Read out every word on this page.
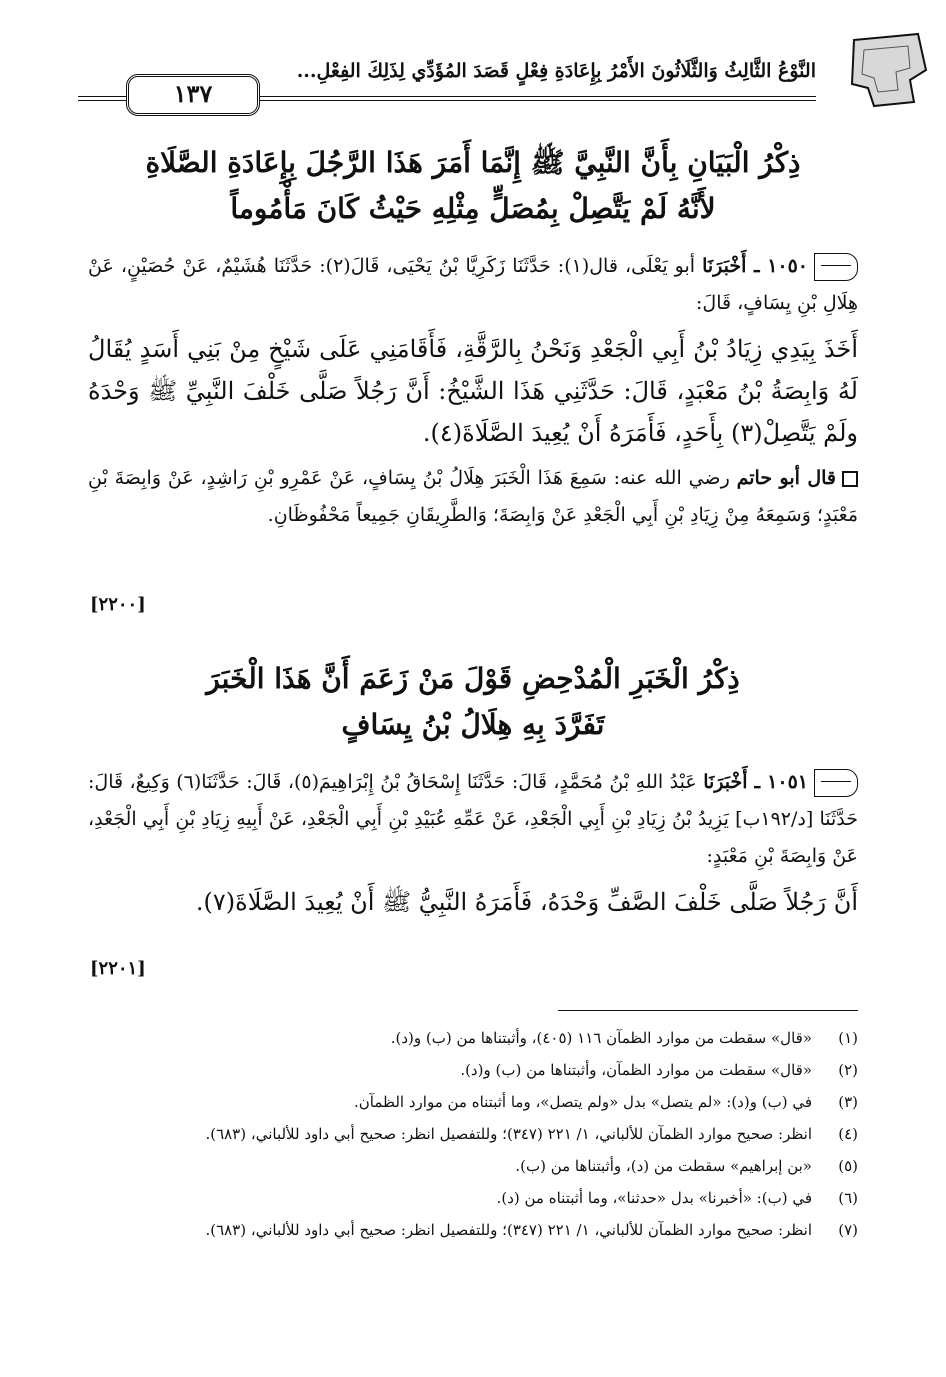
النَّوْعُ الثَّالِثُ وَالثَّلَاثُونَ الأَمْرُ بِإِعَادَةِ فِعْلٍ قَصَدَ المُؤَدِّي لِذَلِكَ الفِعْلِ...
١٣٧
ذِكْرُ الْبَيَانِ بِأَنَّ النَّبِيَّ ﷺ إِنَّمَا أَمَرَ هَذَا الرَّجُلَ بِإِعَادَةِ الصَّلَاةِ
لأَنَّهُ لَمْ يَتَّصِلْ بِمُصَلٍّ مِثْلِهِ حَيْثُ كَانَ مَأْمُوماً
١٠٥٠ ـ أَخْبَرَنَا أبو يَعْلَى، قال(١): حَدَّثَنَا زَكَرِيَّا بْنُ يَحْيَى، قَالَ(٢): حَدَّثَنَا هُشَيْمٌ، عَنْ حُصَيْنٍ، عَنْ هِلَالِ بْنِ يِسَافٍ، قَالَ:
أَخَذَ بِيَدِي زِيَادُ بْنُ أَبِي الْجَعْدِ وَنَحْنُ بِالرَّقَّةِ، فَأَقَامَنِي عَلَى شَيْخٍ مِنْ بَنِي أَسَدٍ يُقَالُ لَهُ وَابِصَةُ بْنُ مَعْبَدٍ، قَالَ: حَدَّثَنِي هَذَا الشَّيْخُ: أَنَّ رَجُلاً صَلَّى خَلْفَ النَّبِيِّ ﷺ وَحْدَهُ ولَمْ يَتَّصِلْ(٣) بِأَحَدٍ، فَأَمَرَهُ أَنْ يُعِيدَ الصَّلَاةَ(٤).
قال أبو حاتم رضي الله عنه: سَمِعَ هَذَا الْخَبَرَ هِلَالُ بْنُ يِسَافٍ، عَنْ عَمْرِو بْنِ رَاشِدٍ، عَنْ وَابِصَةَ بْنِ مَعْبَدٍ؛ وَسَمِعَهُ مِنْ زِيَادِ بْنِ أَبِي الْجَعْدِ عَنْ وَابِصَةَ؛ وَالطَّرِيقَانِ جَمِيعاً مَحْفُوظَانِ.
[٢٢٠٠]
ذِكْرُ الْخَبَرِ الْمُدْحِضِ قَوْلَ مَنْ زَعَمَ أَنَّ هَذَا الْخَبَرَ
تَفَرَّدَ بِهِ هِلَالُ بْنُ يِسَافٍ
١٠٥١ ـ أَخْبَرَنَا عَبْدُ اللهِ بْنُ مُحَمَّدٍ، قَالَ: حَدَّثَنَا إِسْحَاقُ بْنُ إِبْرَاهِيمَ(٥)، قَالَ: حَدَّثَنَا(٦) وَكِيعٌ، قَالَ: حَدَّثَنَا [د/١٩٢ب] يَزِيدُ بْنُ زِيَادِ بْنِ أَبِي الْجَعْدِ، عَنْ عَمِّهِ عُبَيْدِ بْنِ أَبِي الْجَعْدِ، عَنْ أَبِيهِ زِيَادِ بْنِ أَبِي الْجَعْدِ، عَنْ وَابِصَةَ بْنِ مَعْبَدٍ:
أَنَّ رَجُلاً صَلَّى خَلْفَ الصَّفِّ وَحْدَهُ، فَأَمَرَهُ النَّبِيُّ ﷺ أَنْ يُعِيدَ الصَّلَاةَ(٧).
[٢٢٠١]
(١)
«قال» سقطت من موارد الظمآن ١١٦ (٤٠٥)، وأثبتناها من (ب) و(د).
(٢)
«قال» سقطت من موارد الظمآن، وأثبتناها من (ب) و(د).
(٣)
في (ب) و(د): «لم يتصل» بدل «ولم يتصل»، وما أثبتناه من موارد الظمآن.
(٤)
انظر: صحيح موارد الظمآن للألباني، ١/ ٢٢١ (٣٤٧)؛ وللتفصيل انظر: صحيح أبي داود للألباني، (٦٨٣).
(٥)
«بن إبراهيم» سقطت من (د)، وأثبتناها من (ب).
(٦)
في (ب): «أخبرنا» بدل «حدثنا»، وما أثبتناه من (د).
(٧)
انظر: صحيح موارد الظمآن للألباني، ١/ ٢٢١ (٣٤٧)؛ وللتفصيل انظر: صحيح أبي داود للألباني، (٦٨٣).
